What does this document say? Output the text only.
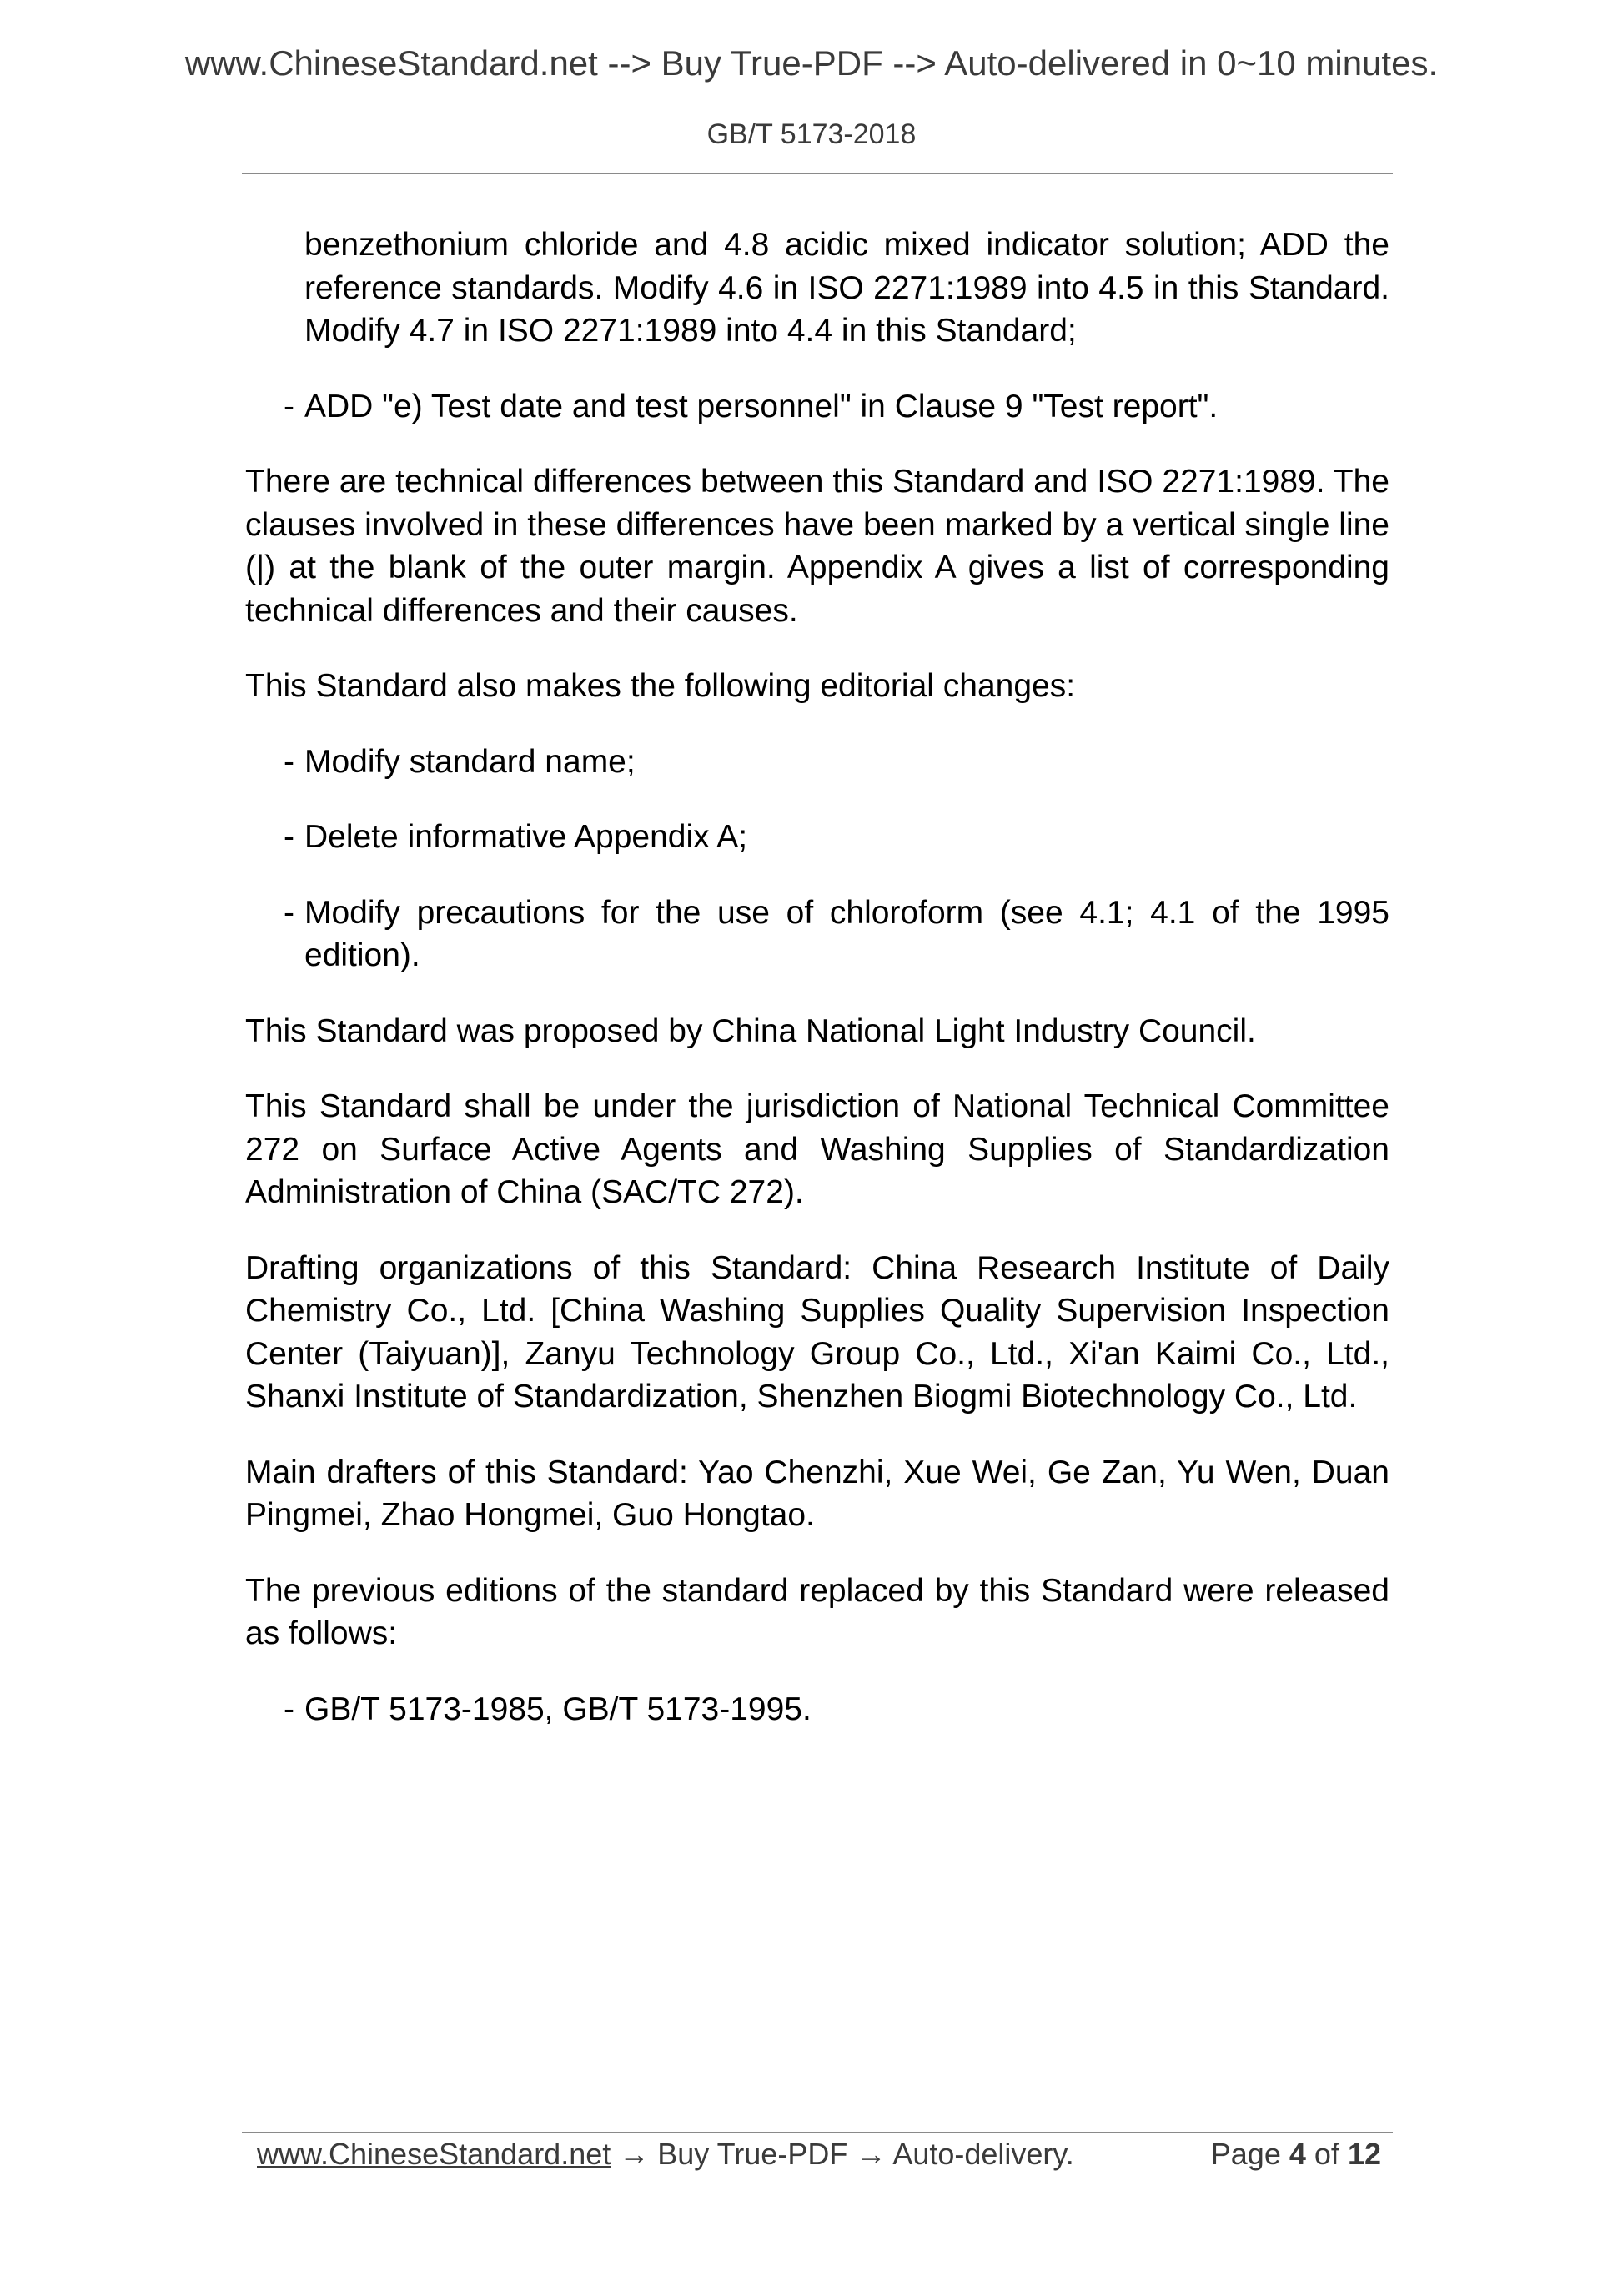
www.ChineseStandard.net --> Buy True-PDF --> Auto-delivered in 0~10 minutes.
GB/T 5173-2018

benzethonium chloride and 4.8 acidic mixed indicator solution; ADD the reference standards. Modify 4.6 in ISO 2271:1989 into 4.5 in this Standard. Modify 4.7 in ISO 2271:1989 into 4.4 in this Standard;

- ADD "e) Test date and test personnel" in Clause 9 "Test report".

There are technical differences between this Standard and ISO 2271:1989. The clauses involved in these differences have been marked by a vertical single line (|) at the blank of the outer margin. Appendix A gives a list of corresponding technical differences and their causes.

This Standard also makes the following editorial changes:

- Modify standard name;

- Delete informative Appendix A;

- Modify precautions for the use of chloroform (see 4.1; 4.1 of the 1995 edition).

This Standard was proposed by China National Light Industry Council.

This Standard shall be under the jurisdiction of National Technical Committee 272 on Surface Active Agents and Washing Supplies of Standardization Administration of China (SAC/TC 272).

Drafting organizations of this Standard: China Research Institute of Daily Chemistry Co., Ltd. [China Washing Supplies Quality Supervision Inspection Center (Taiyuan)], Zanyu Technology Group Co., Ltd., Xi'an Kaimi Co., Ltd., Shanxi Institute of Standardization, Shenzhen Biogmi Biotechnology Co., Ltd.

Main drafters of this Standard: Yao Chenzhi, Xue Wei, Ge Zan, Yu Wen, Duan Pingmei, Zhao Hongmei, Guo Hongtao.

The previous editions of the standard replaced by this Standard were released as follows:

- GB/T 5173-1985, GB/T 5173-1995.

www.ChineseStandard.net → Buy True-PDF → Auto-delivery.	Page 4 of 12
